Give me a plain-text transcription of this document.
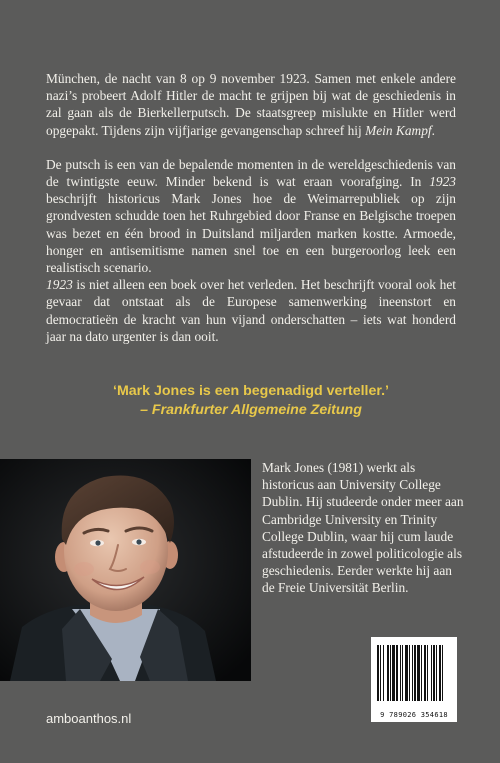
München, de nacht van 8 op 9 november 1923. Samen met enkele andere nazi’s probeert Adolf Hitler de macht te grijpen bij wat de geschiedenis in zal gaan als de Bierkellerputsch. De staatsgreep mislukte en Hitler werd opgepakt. Tijdens zijn vijfjarige gevangenschap schreef hij Mein Kampf.

De putsch is een van de bepalende momenten in de wereldgeschiedenis van de twintigste eeuw. Minder bekend is wat eraan voorafging. In 1923 beschrijft historicus Mark Jones hoe de Weimarrepubliek op zijn grondvesten schudde toen het Ruhrgebied door Franse en Belgische troepen was bezet en één brood in Duitsland miljarden marken kostte. Armoede, honger en antisemitisme namen snel toe en een burgeroorlog leek een realistisch scenario.

1923 is niet alleen een boek over het verleden. Het beschrijft vooral ook het gevaar dat ontstaat als de Europese samenwerking ineenstort en democratieën de kracht van hun vijand onderschatten – iets wat honderd jaar na dato urgenter is dan ooit.

‘Mark Jones is een begenadigd verteller.’
– Frankfurter Allgemeine Zeitung
Mark Jones (1981) werkt als historicus aan University College Dublin. Hij studeerde onder meer aan Cambridge University en Trinity College Dublin, waar hij cum laude afstudeerde in zowel politicologie als geschiedenis. Eerder werkte hij aan de Freie Universität Berlin.
9 789026 354618
amboanthos.nl
